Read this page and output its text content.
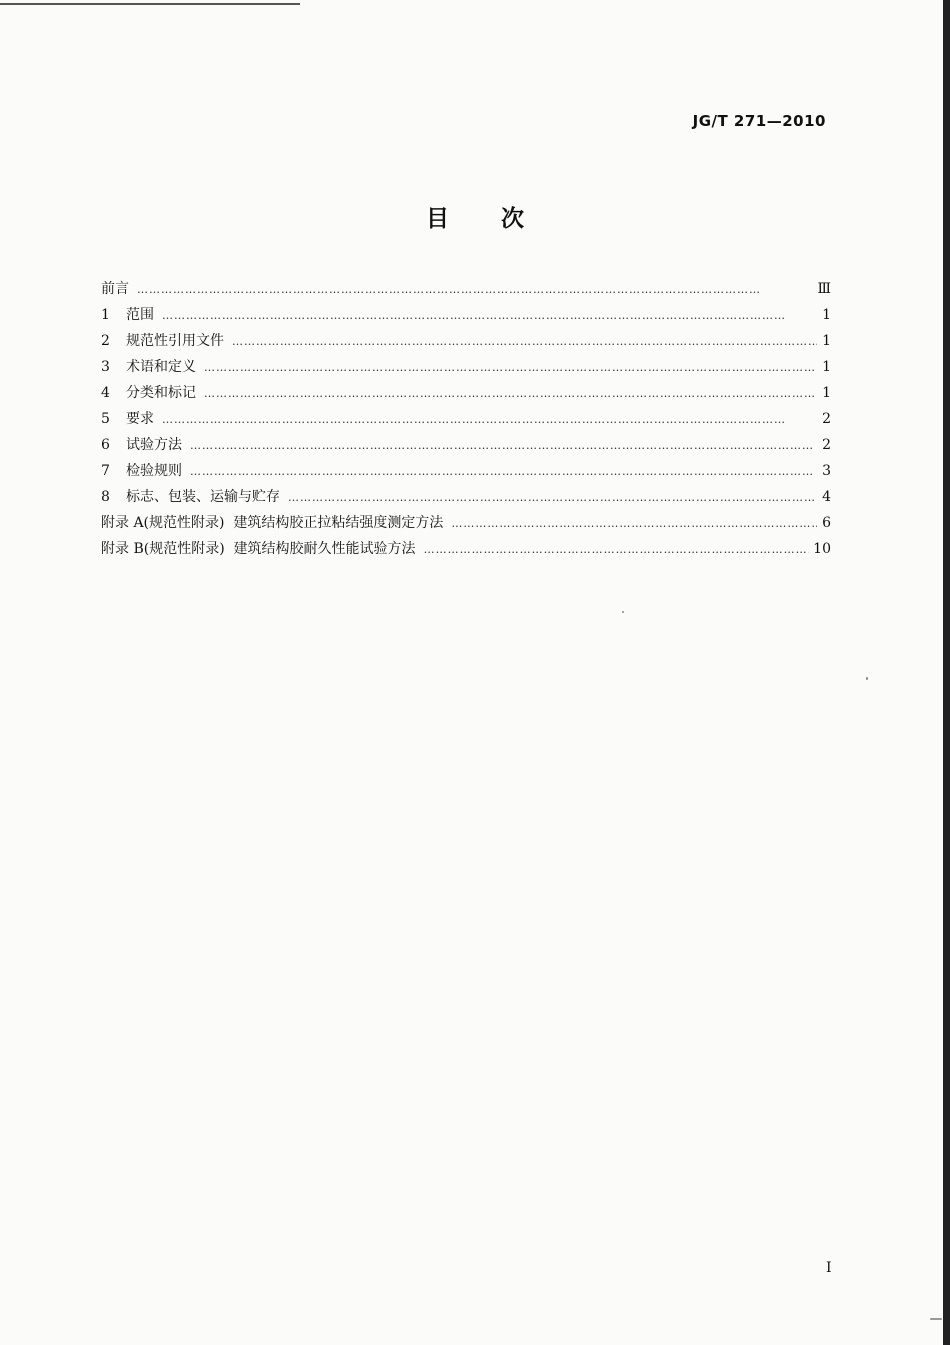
JG/T 271—2010
目 次
前言 …………………………………………………………………………………………………………………………………………	Ⅲ
1	范围 …………………………………………………………………………………………………………………………………………	1
2	规范性引用文件 …………………………………………………………………………………………………………………………………………	1
3	术语和定义 …………………………………………………………………………………………………………………………………………	1
4	分类和标记 …………………………………………………………………………………………………………………………………………	1
5	要求 …………………………………………………………………………………………………………………………………………	2
6	试验方法 …………………………………………………………………………………………………………………………………………	2
7	检验规则 …………………………………………………………………………………………………………………………………………	3
8	标志、包装、运输与贮存 …………………………………………………………………………………………………………………………………………	4
附录 A(规范性附录)  建筑结构胶正拉粘结强度测定方法 …………………………………………………………………………………………………………………………………………	6
附录 B(规范性附录)  建筑结构胶耐久性能试验方法 …………………………………………………………………………………………………………………………………………	10
I
